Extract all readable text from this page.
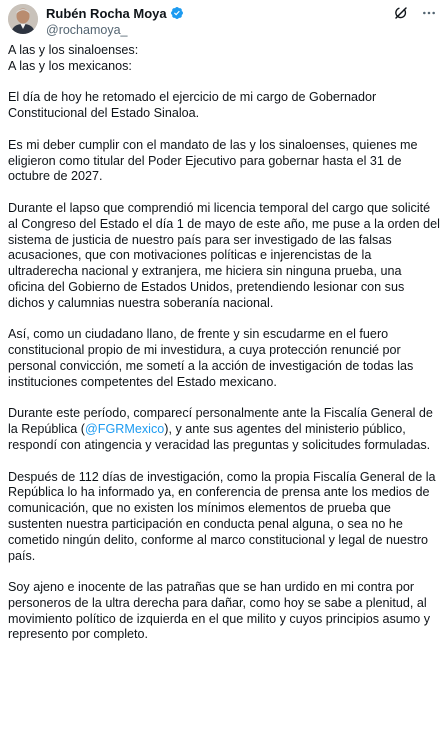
Rubén Rocha Moya
@rochamoya_

A las y los sinaloenses:
A las y los mexicanos:

El día de hoy he retomado el ejercicio de mi cargo de Gobernador Constitucional del Estado Sinaloa.

Es mi deber cumplir con el mandato de las y los sinaloenses, quienes me eligieron como titular del Poder Ejecutivo para gobernar hasta el 31 de octubre de 2027.

Durante el lapso que comprendió mi licencia temporal del cargo que solicité al Congreso del Estado el día 1 de mayo de este año, me puse a la orden del sistema de justicia de nuestro país para ser investigado de las falsas acusaciones, que con motivaciones políticas e injerencistas de la ultraderecha nacional y extranjera, me hiciera sin ninguna prueba, una oficina del Gobierno de Estados Unidos, pretendiendo lesionar con sus dichos y calumnias nuestra soberanía nacional.

Así, como un ciudadano llano, de frente y sin escudarme en el fuero constitucional propio de mi investidura, a cuya protección renuncié por personal convicción, me sometí a la acción de investigación de todas las instituciones competentes del Estado mexicano.

Durante este período, comparecí personalmente ante la Fiscalía General de la República (@FGRMexico), y ante sus agentes del ministerio público, respondí con atingencia y veracidad las preguntas y solicitudes formuladas.

Después de 112 días de investigación, como la propia Fiscalía General de la República lo ha informado ya, en conferencia de prensa ante los medios de comunicación, que no existen los mínimos elementos de prueba que sustenten nuestra participación en conducta penal alguna, o sea no he cometido ningún delito, conforme al marco constitucional y legal de nuestro país.

Soy ajeno e inocente de las patrañas que se han urdido en mi contra por personeros de la ultra derecha para dañar, como hoy se sabe a plenitud, al movimiento político de izquierda en el que milito y cuyos principios asumo y represento por completo.
